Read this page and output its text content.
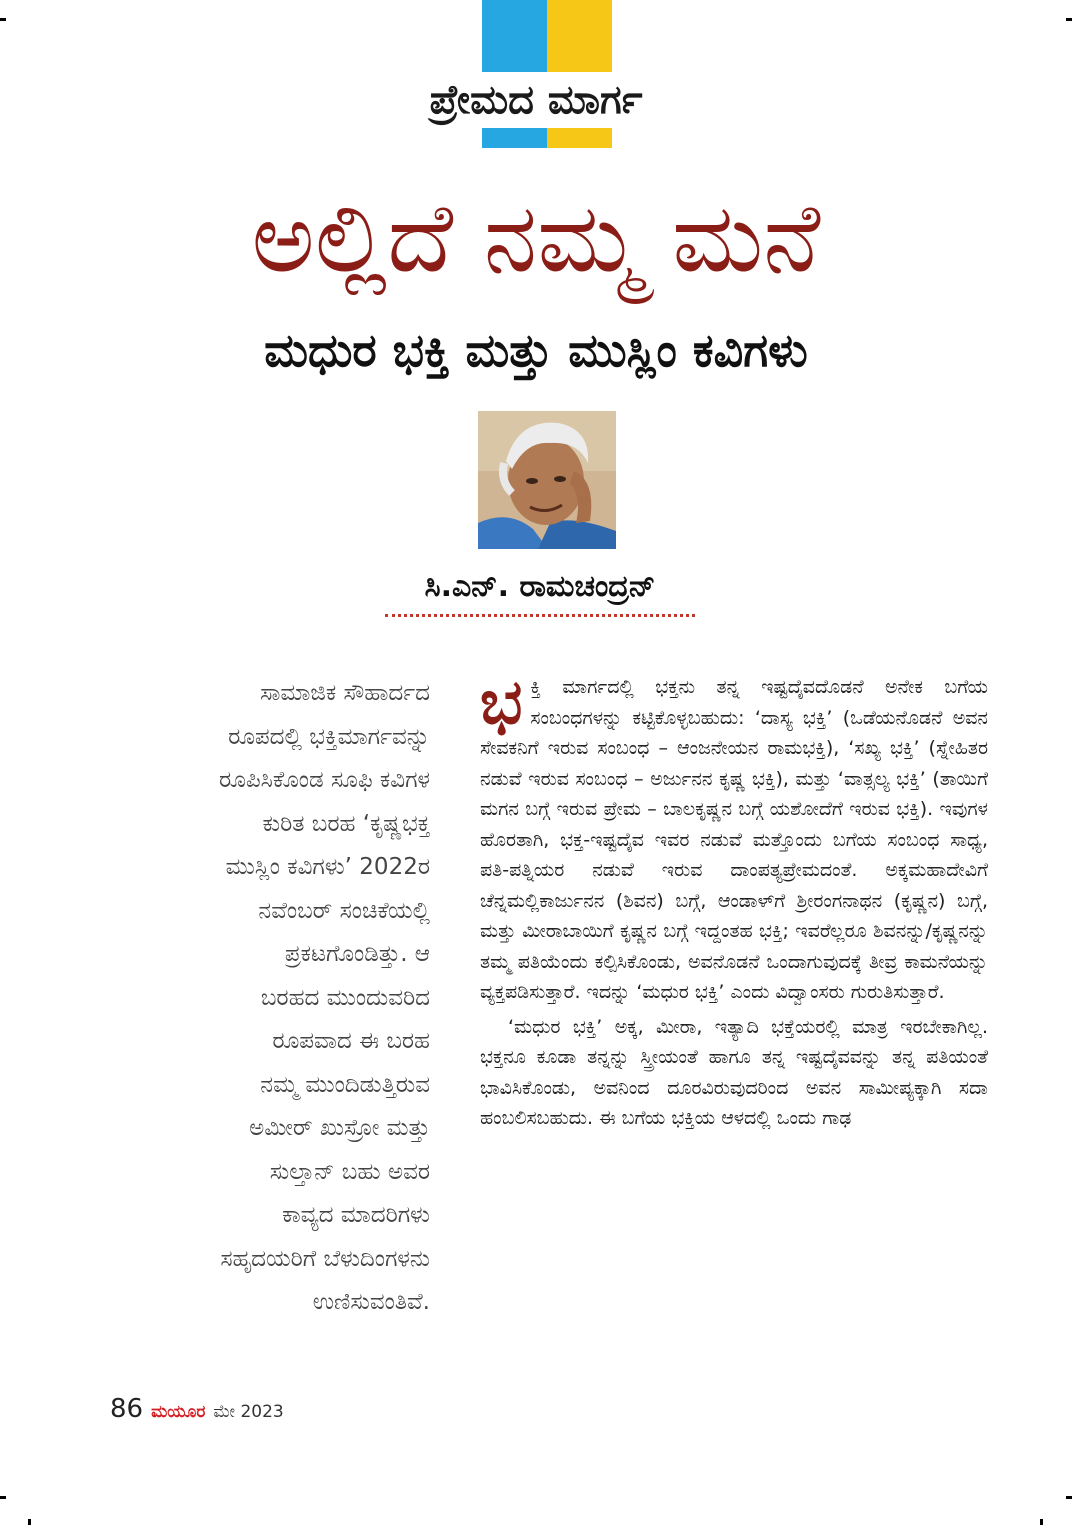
ಪ್ರೇಮದ ಮಾರ್ಗ
ಅಲ್ಲಿದೆ ನಮ್ಮ ಮನೆ
ಮಧುರ ಭಕ್ತಿ ಮತ್ತು ಮುಸ್ಲಿಂ ಕವಿಗಳು
ಸಿ.ಎನ್. ರಾಮಚಂದ್ರನ್
ಸಾಮಾಜಿಕ ಸೌಹಾರ್ದದ
ರೂಪದಲ್ಲಿ ಭಕ್ತಿಮಾರ್ಗವನ್ನು
ರೂಪಿಸಿಕೊಂಡ ಸೂಫಿ ಕವಿಗಳ
ಕುರಿತ ಬರಹ ‘ಕೃಷ್ಣಭಕ್ತ
ಮುಸ್ಲಿಂ ಕವಿಗಳು’ 2022ರ
ನವೆಂಬರ್ ಸಂಚಿಕೆಯಲ್ಲಿ
ಪ್ರಕಟಗೊಂಡಿತ್ತು. ಆ
ಬರಹದ ಮುಂದುವರಿದ
ರೂಪವಾದ ಈ ಬರಹ
ನಮ್ಮ ಮುಂದಿಡುತ್ತಿರುವ
ಅಮೀರ್ ಖುಸ್ರೋ ಮತ್ತು
ಸುಲ್ತಾನ್ ಬಹು ಅವರ
ಕಾವ್ಯದ ಮಾದರಿಗಳು
ಸಹೃದಯರಿಗೆ ಬೆಳುದಿಂಗಳನು
ಉಣಿಸುವಂತಿವೆ.

ಭಕ್ತಿ ಮಾರ್ಗದಲ್ಲಿ ಭಕ್ತನು ತನ್ನ ಇಷ್ಟದೈವದೊಡನೆ ಅನೇಕ ಬಗೆಯ ಸಂಬಂಧಗಳನ್ನು ಕಟ್ಟಿಕೊಳ್ಳಬಹುದು: ‘ದಾಸ್ಯ ಭಕ್ತಿ’ (ಒಡೆಯನೊಡನೆ ಅವನ ಸೇವಕನಿಗೆ ಇರುವ ಸಂಬಂಧ – ಆಂಜನೇಯನ ರಾಮಭಕ್ತಿ), ‘ಸಖ್ಯ ಭಕ್ತಿ’ (ಸ್ನೇಹಿತರ ನಡುವೆ ಇರುವ ಸಂಬಂಧ – ಅರ್ಜುನನ ಕೃಷ್ಣ ಭಕ್ತಿ), ಮತ್ತು ‘ವಾತ್ಸಲ್ಯ ಭಕ್ತಿ’ (ತಾಯಿಗೆ ಮಗನ ಬಗ್ಗೆ ಇರುವ ಪ್ರೇಮ – ಬಾಲಕೃಷ್ಣನ ಬಗ್ಗೆ ಯಶೋದೆಗೆ ಇರುವ ಭಕ್ತಿ). ಇವುಗಳ ಹೊರತಾಗಿ, ಭಕ್ತ-ಇಷ್ಟದೈವ ಇವರ ನಡುವೆ ಮತ್ತೊಂದು ಬಗೆಯ ಸಂಬಂಧ ಸಾಧ್ಯ, ಪತಿ-ಪತ್ನಿಯರ ನಡುವೆ ಇರುವ ದಾಂಪತ್ಯಪ್ರೇಮದಂತೆ. ಅಕ್ಕಮಹಾದೇವಿಗೆ ಚೆನ್ನಮಲ್ಲಿಕಾರ್ಜುನನ (ಶಿವನ) ಬಗ್ಗೆ, ಆಂಡಾಳ್‌ಗೆ ಶ್ರೀರಂಗನಾಥನ (ಕೃಷ್ಣನ) ಬಗ್ಗೆ, ಮತ್ತು ಮೀರಾಬಾಯಿಗೆ ಕೃಷ್ಣನ ಬಗ್ಗೆ ಇದ್ದಂತಹ ಭಕ್ತಿ; ಇವರೆಲ್ಲರೂ ಶಿವನನ್ನು/ಕೃಷ್ಣನನ್ನು ತಮ್ಮ ಪತಿಯೆಂದು ಕಲ್ಪಿಸಿಕೊಂಡು, ಅವನೊಡನೆ ಒಂದಾಗುವುದಕ್ಕೆ ತೀವ್ರ ಕಾಮನೆಯನ್ನು ವ್ಯಕ್ತಪಡಿಸುತ್ತಾರೆ. ಇದನ್ನು ‘ಮಧುರ ಭಕ್ತಿ’ ಎಂದು ವಿದ್ವಾಂಸರು ಗುರುತಿಸುತ್ತಾರೆ.

‘ಮಧುರ ಭಕ್ತಿ’ ಅಕ್ಕ, ಮೀರಾ, ಇತ್ಯಾದಿ ಭಕ್ತೆಯರಲ್ಲಿ ಮಾತ್ರ ಇರಬೇಕಾಗಿಲ್ಲ. ಭಕ್ತನೂ ಕೂಡಾ ತನ್ನನ್ನು ಸ್ತ್ರೀಯಂತೆ ಹಾಗೂ ತನ್ನ ಇಷ್ಟದೈವವನ್ನು ತನ್ನ ಪತಿಯಂತೆ ಭಾವಿಸಿಕೊಂಡು, ಅವನಿಂದ ದೂರವಿರುವುದರಿಂದ ಅವನ ಸಾಮೀಪ್ಯಕ್ಕಾಗಿ ಸದಾ ಹಂಬಲಿಸಬಹುದು. ಈ ಬಗೆಯ ಭಕ್ತಿಯ ಆಳದಲ್ಲಿ ಒಂದು ಗಾಢ

86 ಮಯೂರ ಮೇ 2023
